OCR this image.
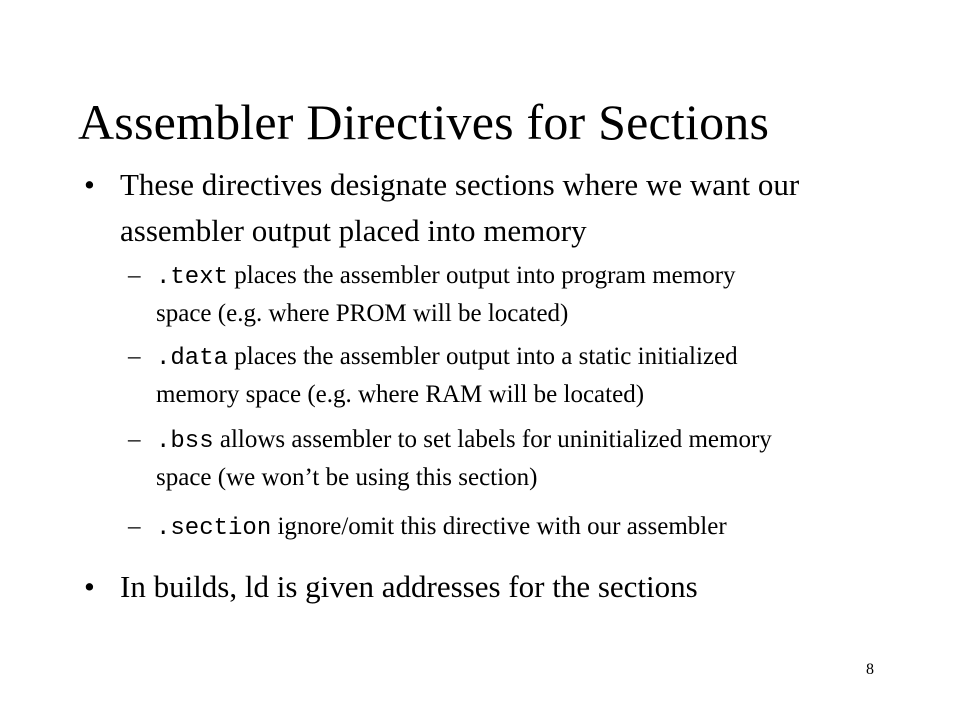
Assembler Directives for Sections
• These directives designate sections where we want our
assembler output placed into memory
– .text places the assembler output into program memory
space (e.g. where PROM will be located)
– .data places the assembler output into a static initialized
memory space (e.g. where RAM will be located)
– .bss allows assembler to set labels for uninitialized memory
space (we won’t be using this section)
– .section ignore/omit this directive with our assembler
• In builds, ld is given addresses for the sections
8
